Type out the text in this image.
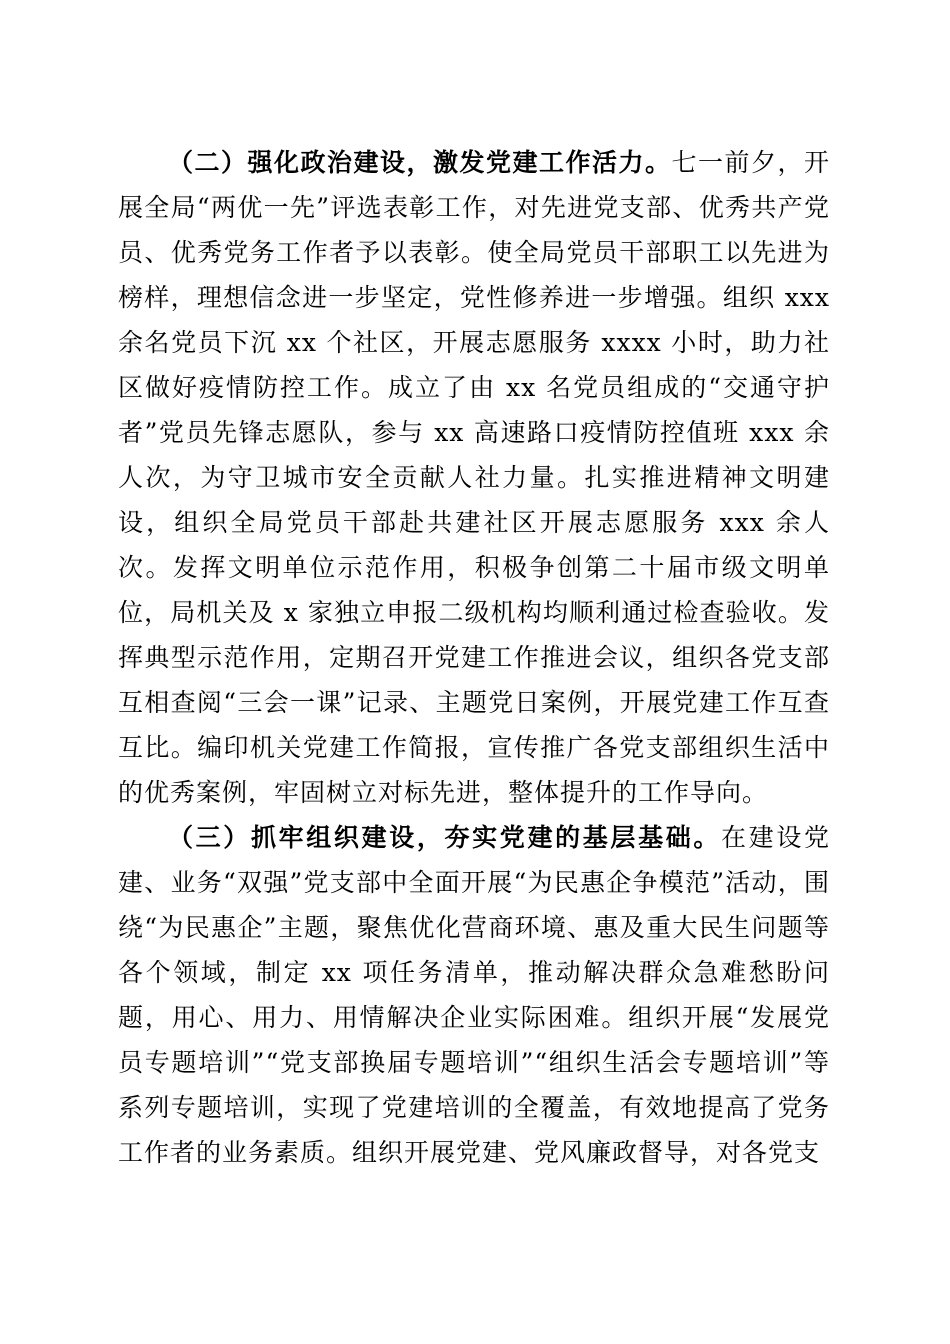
（二）强化政治建设，激发党建工作活力。七一前夕，开展全局“两优一先”评选表彰工作，对先进党支部、优秀共产党员、优秀党务工作者予以表彰。使全局党员干部职工以先进为榜样，理想信念进一步坚定，党性修养进一步增强。组织 xxx 余名党员下沉 xx 个社区，开展志愿服务 xxxx 小时，助力社区做好疫情防控工作。成立了由 xx 名党员组成的“交通守护者”党员先锋志愿队，参与 xx 高速路口疫情防控值班 xxx 余人次，为守卫城市安全贡献人社力量。扎实推进精神文明建设，组织全局党员干部赴共建社区开展志愿服务 xxx 余人次。发挥文明单位示范作用，积极争创第二十届市级文明单位，局机关及 x 家独立申报二级机构均顺利通过检查验收。发挥典型示范作用，定期召开党建工作推进会议，组织各党支部互相查阅“三会一课”记录、主题党日案例，开展党建工作互查互比。编印机关党建工作简报，宣传推广各党支部组织生活中的优秀案例，牢固树立对标先进，整体提升的工作导向。

（三）抓牢组织建设，夯实党建的基层基础。在建设党建、业务“双强”党支部中全面开展“为民惠企争模范”活动，围绕“为民惠企”主题，聚焦优化营商环境、惠及重大民生问题等各个领域，制定 xx 项任务清单，推动解决群众急难愁盼问题，用心、用力、用情解决企业实际困难。组织开展“发展党员专题培训”“党支部换届专题培训”“组织生活会专题培训”等系列专题培训，实现了党建培训的全覆盖，有效地提高了党务工作者的业务素质。组织开展党建、党风廉政督导，对各党支
